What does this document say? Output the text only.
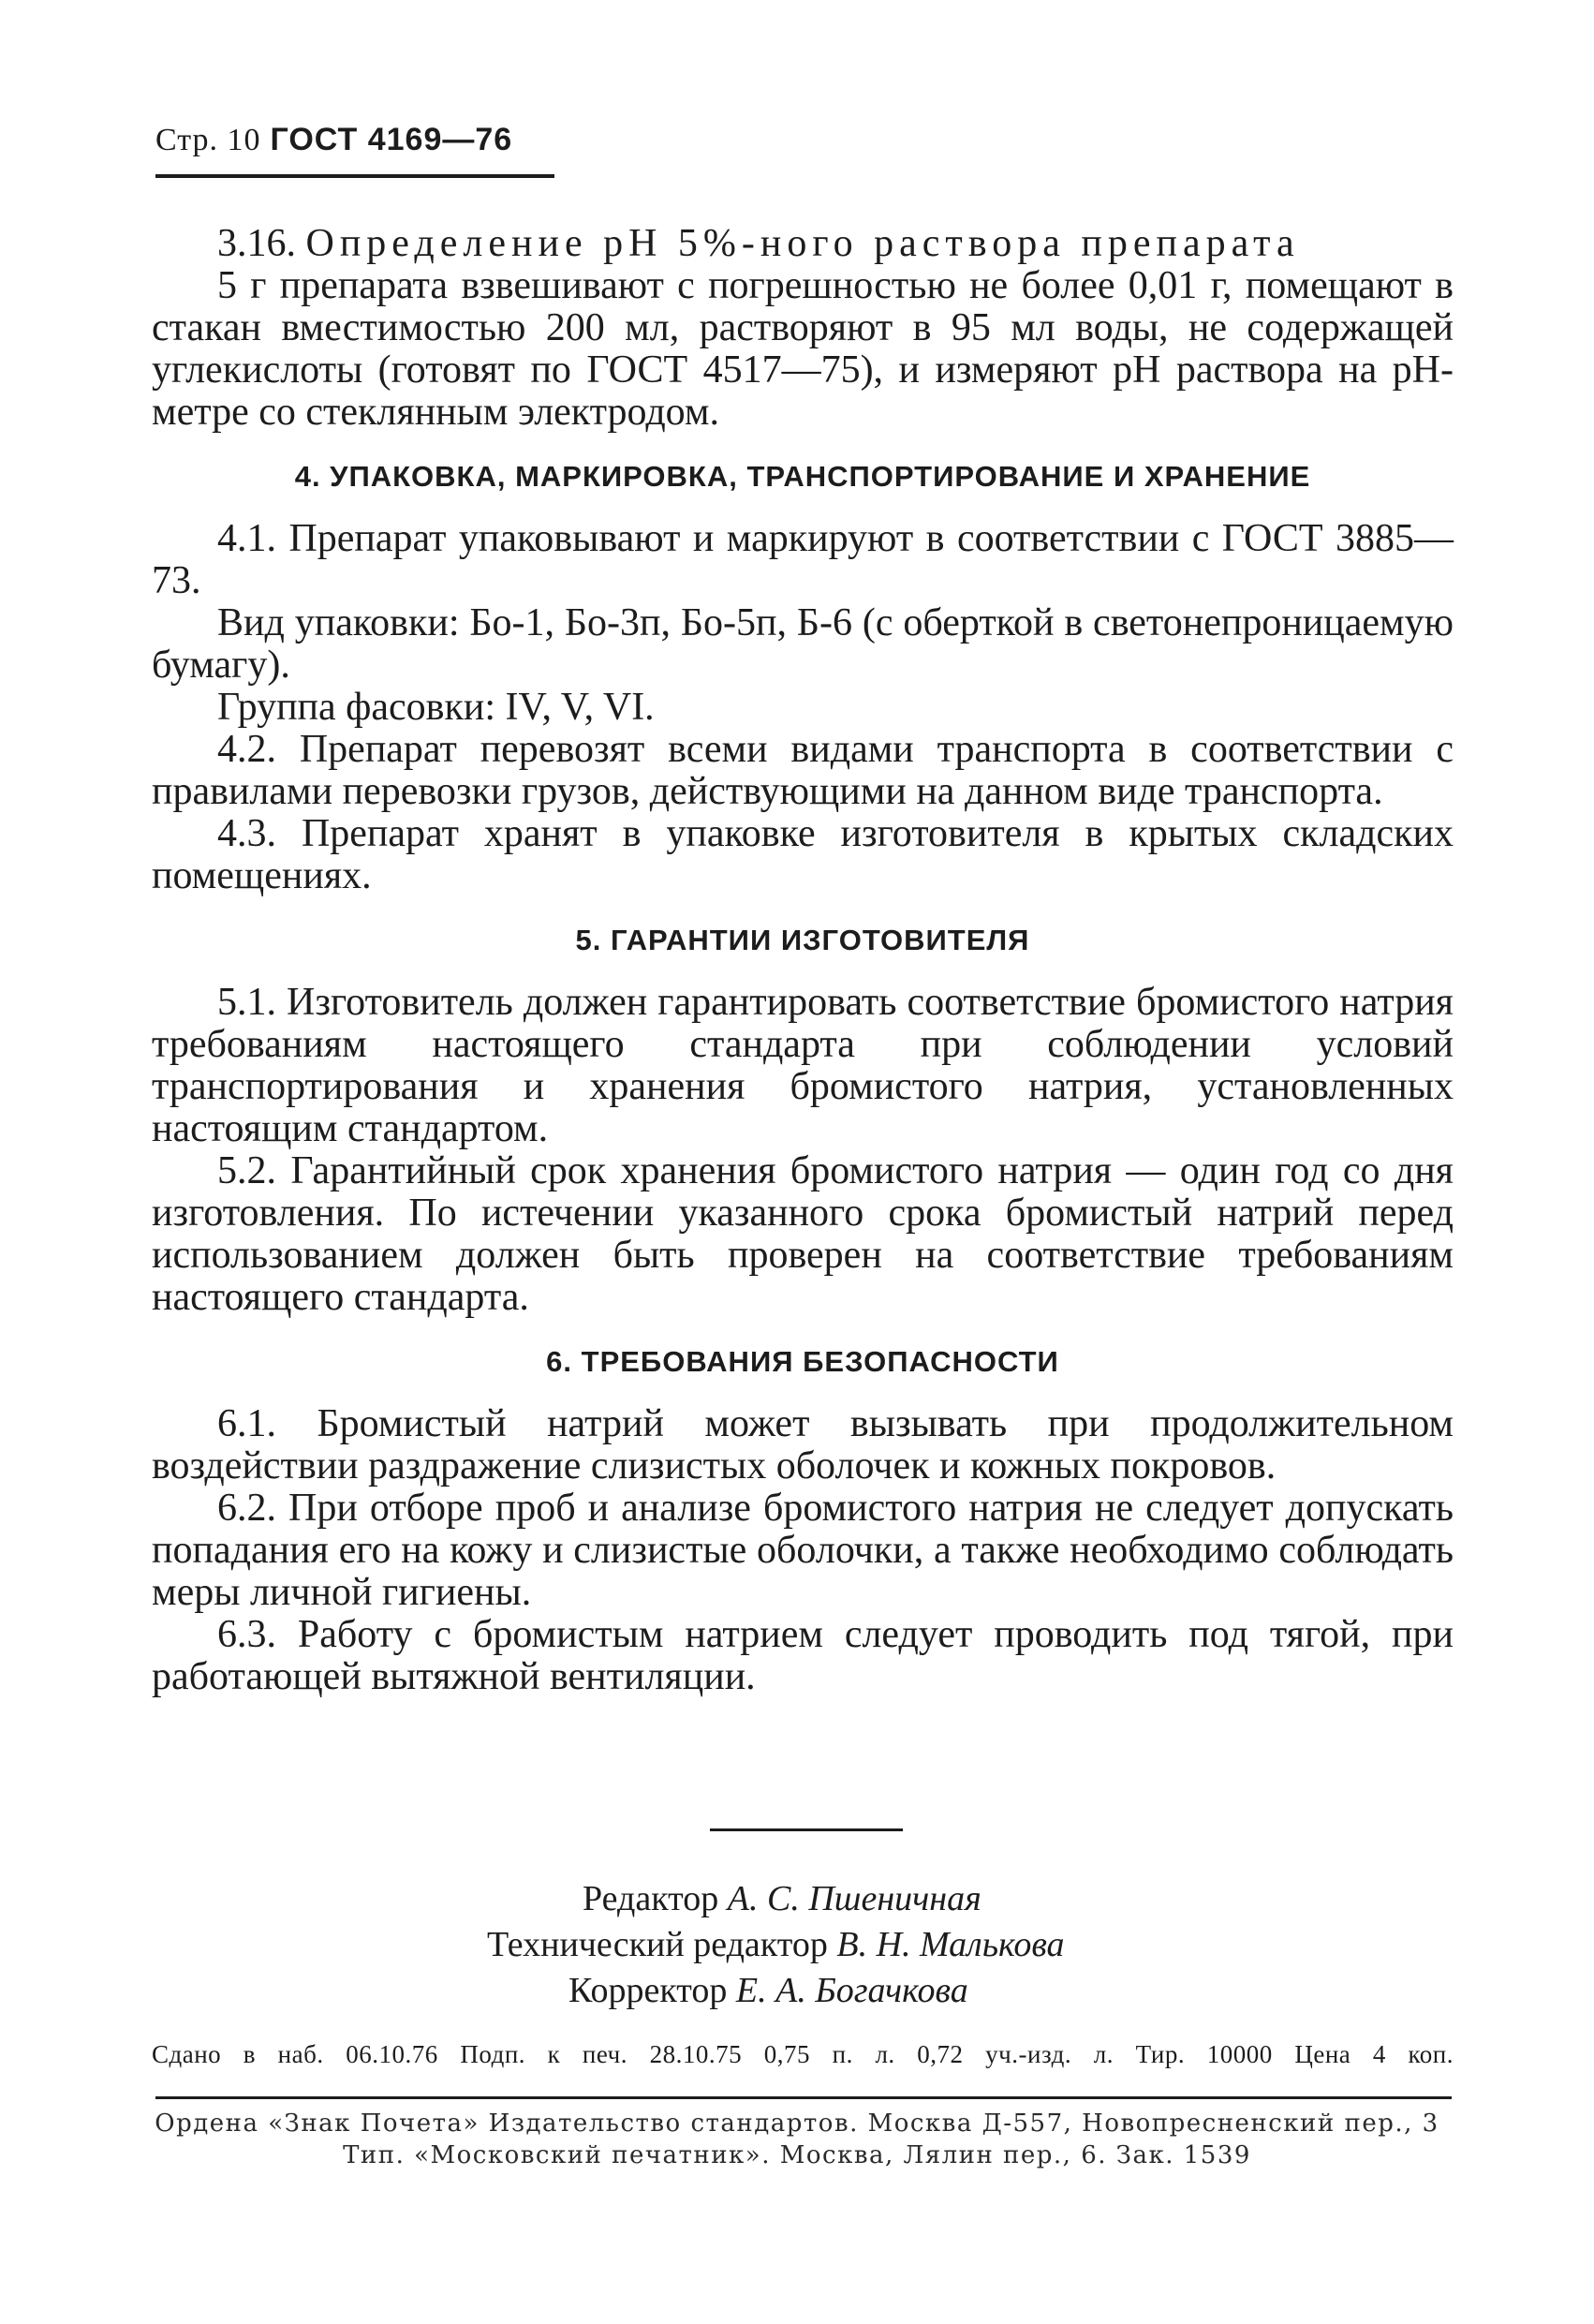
Стр. 10 ГОСТ 4169—76

3.16. Определение рН 5%-ного раствора препарата

5 г препарата взвешивают с погрешностью не более 0,01 г, помещают в стакан вместимостью 200 мл, растворяют в 95 мл воды, не содержащей углекислоты (готовят по ГОСТ 4517—75), и измеряют рН раствора на рН-метре со стеклянным электродом.

4. УПАКОВКА, МАРКИРОВКА, ТРАНСПОРТИРОВАНИЕ И ХРАНЕНИЕ

4.1. Препарат упаковывают и маркируют в соответствии с ГОСТ 3885—73.

Вид упаковки: Бо-1, Бо-3п, Бо-5п, Б-6 (с оберткой в светонепроницаемую бумагу).

Группа фасовки: IV, V, VI.

4.2. Препарат перевозят всеми видами транспорта в соответствии с правилами перевозки грузов, действующими на данном виде транспорта.

4.3. Препарат хранят в упаковке изготовителя в крытых складских помещениях.

5. ГАРАНТИИ ИЗГОТОВИТЕЛЯ

5.1. Изготовитель должен гарантировать соответствие бромистого натрия требованиям настоящего стандарта при соблюдении условий транспортирования и хранения бромистого натрия, установленных настоящим стандартом.

5.2. Гарантийный срок хранения бромистого натрия — один год со дня изготовления. По истечении указанного срока бромистый натрий перед использованием должен быть проверен на соответствие требованиям настоящего стандарта.

6. ТРЕБОВАНИЯ БЕЗОПАСНОСТИ

6.1. Бромистый натрий может вызывать при продолжительном воздействии раздражение слизистых оболочек и кожных покровов.

6.2. При отборе проб и анализе бромистого натрия не следует допускать попадания его на кожу и слизистые оболочки, а также необходимо соблюдать меры личной гигиены.

6.3. Работу с бромистым натрием следует проводить под тягой, при работающей вытяжной вентиляции.

Редактор А. С. Пшеничная
Технический редактор В. Н. Малькова
Корректор Е. А. Богачкова
Сдано в наб. 06.10.76 Подп. к печ. 28.10.75 0,75 п. л. 0,72 уч.-изд. л. Тир. 10000 Цена 4 коп.
Ордена «Знак Почета» Издательство стандартов. Москва Д-557, Новопресненский пер., 3
Тип. «Московский печатник». Москва, Лялин пер., 6. Зак. 1539
